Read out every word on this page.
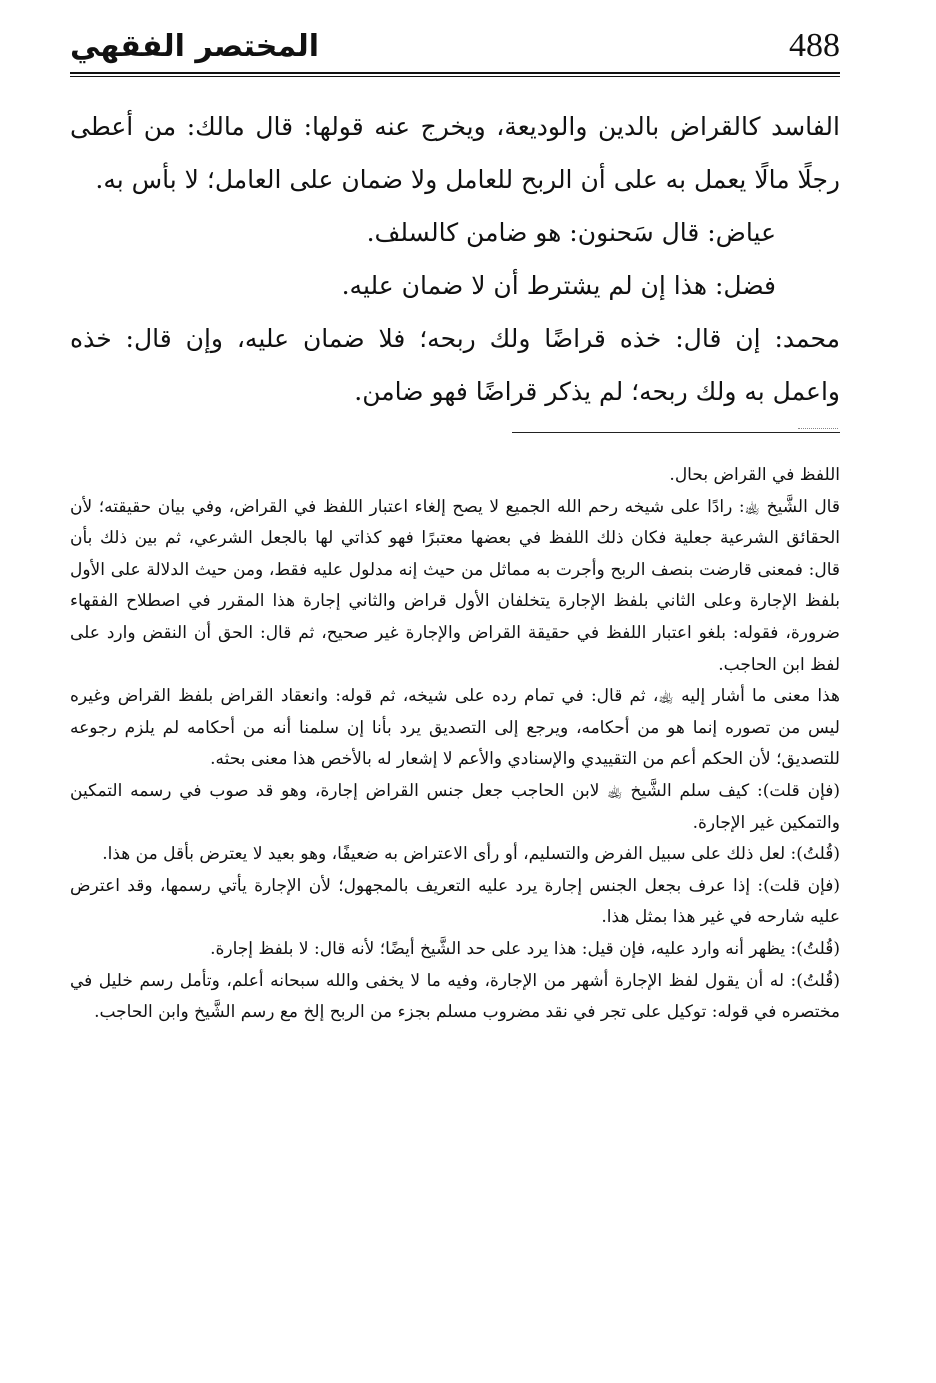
488
المختصر الفقهي

الفاسد كالقراض بالدين والوديعة، ويخرج عنه قولها: قال مالك: من أعطى رجلًا مالًا يعمل به على أن الربح للعامل ولا ضمان على العامل؛ لا بأس به.

عياض: قال سَحنون: هو ضامن كالسلف.

فضل: هذا إن لم يشترط أن لا ضمان عليه.

محمد: إن قال: خذه قراضًا ولك ربحه؛ فلا ضمان عليه، وإن قال: خذه واعمل به ولك ربحه؛ لم يذكر قراضًا فهو ضامن.

اللفظ في القراض بحال.

قال الشَّيخ ﵀: رادًا على شيخه رحم الله الجميع لا يصح إلغاء اعتبار اللفظ في القراض، وفي بيان حقيقته؛ لأن الحقائق الشرعية جعلية فكان ذلك اللفظ في بعضها معتبرًا فهو كذاتي لها بالجعل الشرعي، ثم بين ذلك بأن قال: فمعنى قارضت بنصف الربح وأجرت به مماثل من حيث إنه مدلول عليه فقط، ومن حيث الدلالة على الأول بلفظ الإجارة وعلى الثاني بلفظ الإجارة يتخلفان الأول قراض والثاني إجارة هذا المقرر في اصطلاح الفقهاء ضرورة، فقوله: بلغو اعتبار اللفظ في حقيقة القراض والإجارة غير صحيح، ثم قال: الحق أن النقض وارد على لفظ ابن الحاجب.

هذا معنى ما أشار إليه ﵀، ثم قال: في تمام رده على شيخه، ثم قوله: وانعقاد القراض بلفظ القراض وغيره ليس من تصوره إنما هو من أحكامه، ويرجع إلى التصديق يرد بأنا إن سلمنا أنه من أحكامه لم يلزم رجوعه للتصديق؛ لأن الحكم أعم من التقييدي والإسنادي والأعم لا إشعار له بالأخص هذا معنى بحثه.

(فإن قلت): كيف سلم الشَّيخ ﵀ لابن الحاجب جعل جنس القراض إجارة، وهو قد صوب في رسمه التمكين والتمكين غير الإجارة.

(قُلتُ): لعل ذلك على سبيل الفرض والتسليم، أو رأى الاعتراض به ضعيفًا، وهو بعيد لا يعترض بأقل من هذا.

(فإن قلت): إذا عرف بجعل الجنس إجارة يرد عليه التعريف بالمجهول؛ لأن الإجارة يأتي رسمها، وقد اعترض عليه شارحه في غير هذا بمثل هذا.

(قُلتُ): يظهر أنه وارد عليه، فإن قيل: هذا يرد على حد الشَّيخ أيضًا؛ لأنه قال: لا بلفظ إجارة.

(قُلتُ): له أن يقول لفظ الإجارة أشهر من الإجارة، وفيه ما لا يخفى والله سبحانه أعلم، وتأمل رسم خليل في مختصره في قوله: توكيل على تجر في نقد مضروب مسلم بجزء من الربح إلخ مع رسم الشَّيخ وابن الحاجب.
